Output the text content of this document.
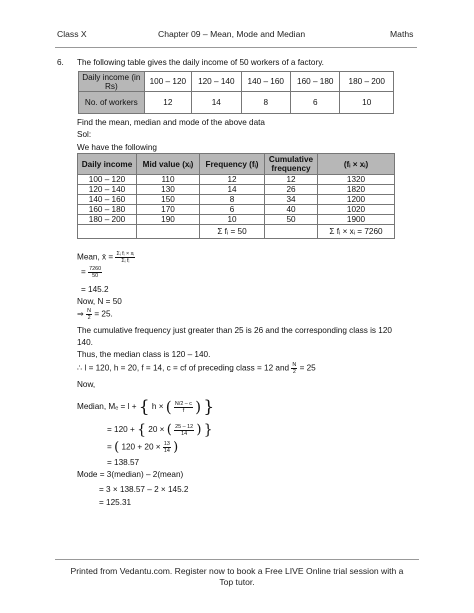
Class X	Chapter 09 – Mean, Mode and Median	Maths
6. The following table gives the daily income of 50 workers of a factory.
Daily income (in Rs)	100 – 120	120 – 140	140 – 160	160 – 180	180 – 200
No. of workers	12	14	8	6	10
Find the mean, median and mode of the above data
Sol:
We have the following
Daily income	Mid value (xᵢ)	Frequency (fᵢ)	Cumulative frequency	(fᵢ × xᵢ)
100 – 120	110	12	12	1320
120 – 140	130	14	26	1820
140 – 160	150	8	34	1200
160 – 180	170	6	40	1020
180 – 200	190	10	50	1900
		Σ fᵢ = 50		Σ fᵢ × xᵢ = 7260
Mean, x̄ = $\frac{\text{Σᵢ fᵢ × xᵢ}}{\text{Σᵢ fᵢ}}$
= $\frac{7260}{50}$
= 145.2
Now, N = 50
⇒ $\frac{N}{2} = 25$.
The cumulative frequency just greater than 25 is 26 and the corresponding class is 120
140.
Thus, the median class is 120 – 140.
∴ l = 120, h = 20, f = 14, c = cf of preceding class = 12 and $\frac{N}{2} = 25$
Now,
Median, Mₑ = l + { h × ( $\frac{N/2 - c}{f}$ ) }
= 120 + { 20 × ( $\frac{25 - 12}{14}$ ) }
= ( $120 + 20 \times \frac{13}{14}$ )
= 138.57
Mode = 3(median) – 2(mean)
= 3 × 138.57 – 2 × 145.2
= 125.31
Printed from Vedantu.com. Register now to book a Free LIVE Online trial session with a
Top tutor.
